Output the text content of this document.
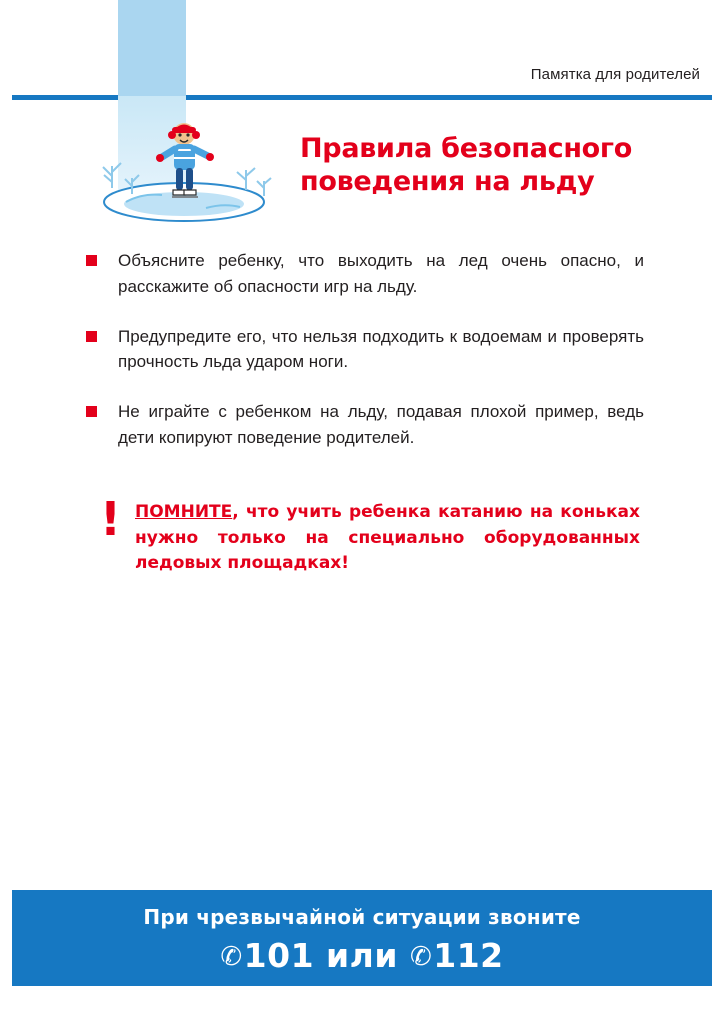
Памятка для родителей
Правила безопасного
поведения на льду
Объясните ребенку, что выходить на лед очень опасно, и расскажите об опасности игр на льду.
Предупредите его, что нельзя подходить к водоемам и проверять прочность льда ударом ноги.
Не играйте с ребенком на льду, подавая плохой пример, ведь дети копируют поведение родителей.
! ПОМНИТЕ, что учить ребенка катанию на коньках нужно только на специально оборудованных ледовых площадках!
При чрезвычайной ситуации звоните
✆101 или ✆112
